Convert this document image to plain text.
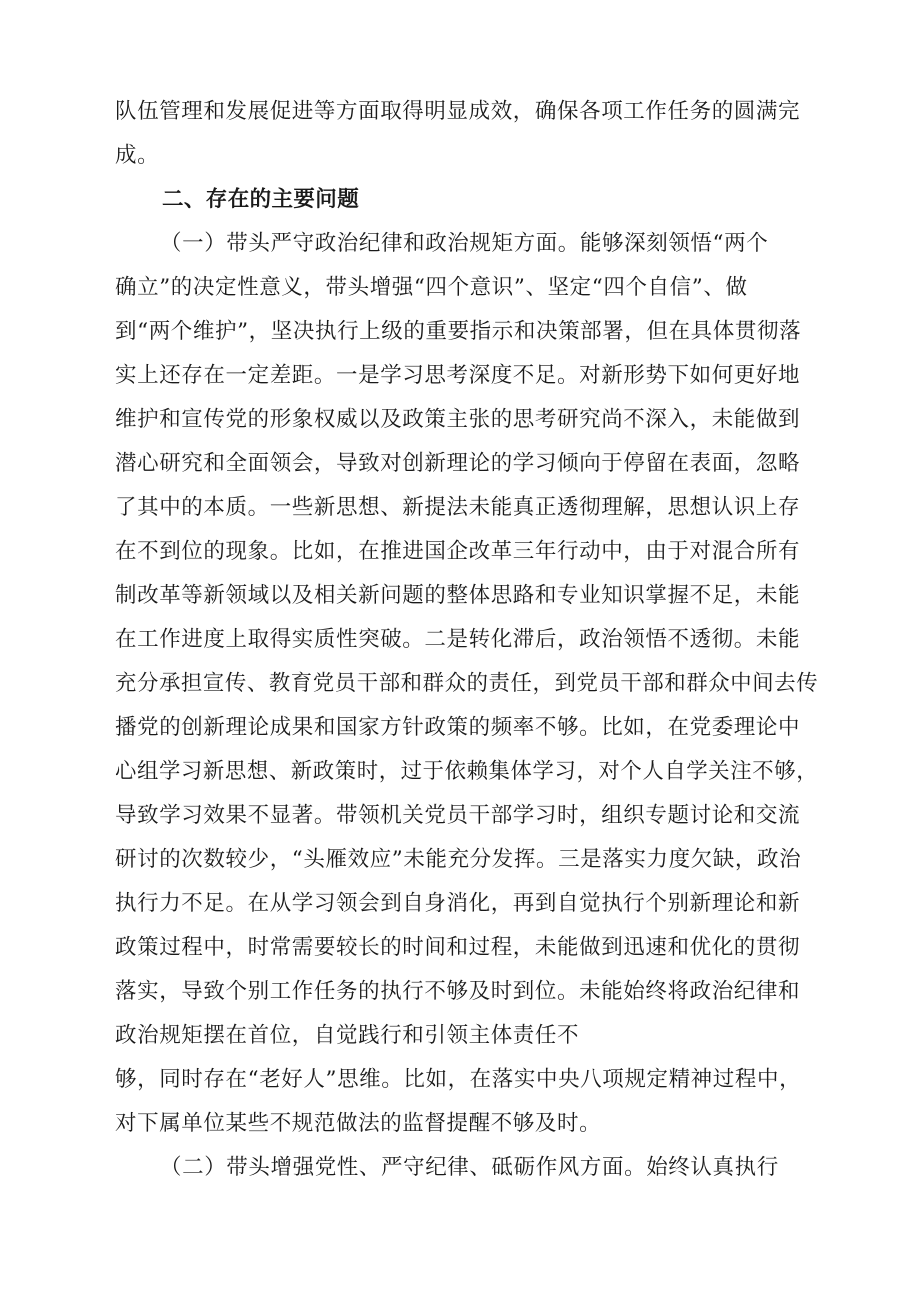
队伍管理和发展促进等方面取得明显成效，确保各项工作任务的圆满完
成。
二、存在的主要问题
（一）带头严守政治纪律和政治规矩方面。能够深刻领悟“两个
确立”的决定性意义，带头增强“四个意识”、坚定“四个自信”、做
到“两个维护”，坚决执行上级的重要指示和决策部署，但在具体贯彻落
实上还存在一定差距。一是学习思考深度不足。对新形势下如何更好地
维护和宣传党的形象权威以及政策主张的思考研究尚不深入，未能做到
潜心研究和全面领会，导致对创新理论的学习倾向于停留在表面，忽略
了其中的本质。一些新思想、新提法未能真正透彻理解，思想认识上存
在不到位的现象。比如，在推进国企改革三年行动中，由于对混合所有
制改革等新领域以及相关新问题的整体思路和专业知识掌握不足，未能
在工作进度上取得实质性突破。二是转化滞后，政治领悟不透彻。未能
充分承担宣传、教育党员干部和群众的责任，到党员干部和群众中间去传
播党的创新理论成果和国家方针政策的频率不够。比如，在党委理论中
心组学习新思想、新政策时，过于依赖集体学习，对个人自学关注不够，
导致学习效果不显著。带领机关党员干部学习时，组织专题讨论和交流
研讨的次数较少，“头雁效应”未能充分发挥。三是落实力度欠缺，政治
执行力不足。在从学习领会到自身消化，再到自觉执行个别新理论和新
政策过程中，时常需要较长的时间和过程，未能做到迅速和优化的贯彻
落实，导致个别工作任务的执行不够及时到位。未能始终将政治纪律和
政治规矩摆在首位，自觉践行和引领主体责任不
够，同时存在“老好人”思维。比如，在落实中央八项规定精神过程中，
对下属单位某些不规范做法的监督提醒不够及时。
（二）带头增强党性、严守纪律、砥砺作风方面。始终认真执行
